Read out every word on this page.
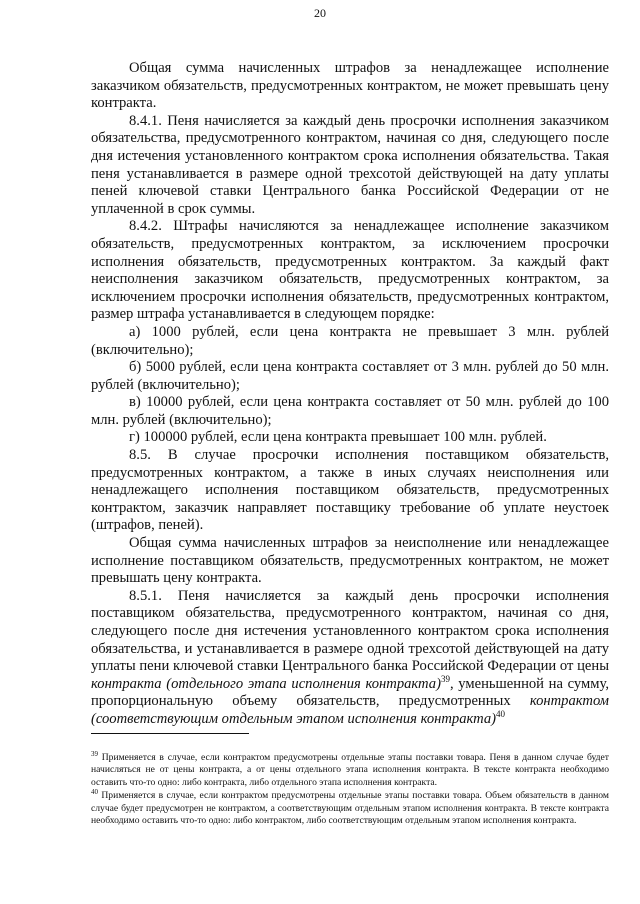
20

Общая сумма начисленных штрафов за ненадлежащее исполнение заказчиком обязательств, предусмотренных контрактом, не может превышать цену контракта.

8.4.1. Пеня начисляется за каждый день просрочки исполнения заказчиком обязательства, предусмотренного контрактом, начиная со дня, следующего после дня истечения установленного контрактом срока исполнения обязательства. Такая пеня устанавливается в размере одной трехсотой действующей на дату уплаты пеней ключевой ставки Центрального банка Российской Федерации от не уплаченной в срок суммы.

8.4.2. Штрафы начисляются за ненадлежащее исполнение заказчиком обязательств, предусмотренных контрактом, за исключением просрочки исполнения обязательств, предусмотренных контрактом. За каждый факт неисполнения заказчиком обязательств, предусмотренных контрактом, за исключением просрочки исполнения обязательств, предусмотренных контрактом, размер штрафа устанавливается в следующем порядке:

а) 1000 рублей, если цена контракта не превышает 3 млн. рублей (включительно);

б) 5000 рублей, если цена контракта составляет от 3 млн. рублей до 50 млн. рублей (включительно);

в) 10000 рублей, если цена контракта составляет от 50 млн. рублей до 100 млн. рублей (включительно);

г) 100000 рублей, если цена контракта превышает 100 млн. рублей.

8.5. В случае просрочки исполнения поставщиком обязательств, предусмотренных контрактом, а также в иных случаях неисполнения или ненадлежащего исполнения поставщиком обязательств, предусмотренных контрактом, заказчик направляет поставщику требование об уплате неустоек (штрафов, пеней).

Общая сумма начисленных штрафов за неисполнение или ненадлежащее исполнение поставщиком обязательств, предусмотренных контрактом, не может превышать цену контракта.

8.5.1. Пеня начисляется за каждый день просрочки исполнения поставщиком обязательства, предусмотренного контрактом, начиная со дня, следующего после дня истечения установленного контрактом срока исполнения обязательства, и устанавливается в размере одной трехсотой действующей на дату уплаты пени ключевой ставки Центрального банка Российской Федерации от цены контракта (отдельного этапа исполнения контракта)$^{39}$, уменьшенной на сумму, пропорциональную объему обязательств, предусмотренных контрактом (соответствующим отдельным этапом исполнения контракта)$^{40}$

$^{39}$ Применяется в случае, если контрактом предусмотрены отдельные этапы поставки товара. Пеня в данном случае будет начисляться не от цены контракта, а от цены отдельного этапа исполнения контракта. В тексте контракта необходимо оставить что-то одно: либо контракта, либо отдельного этапа исполнения контракта.

$^{40}$ Применяется в случае, если контрактом предусмотрены отдельные этапы поставки товара. Объем обязательств в данном случае будет предусмотрен не контрактом, а соответствующим отдельным этапом исполнения контракта. В тексте контракта необходимо оставить что-то одно: либо контрактом, либо соответствующим отдельным этапом исполнения контракта.
